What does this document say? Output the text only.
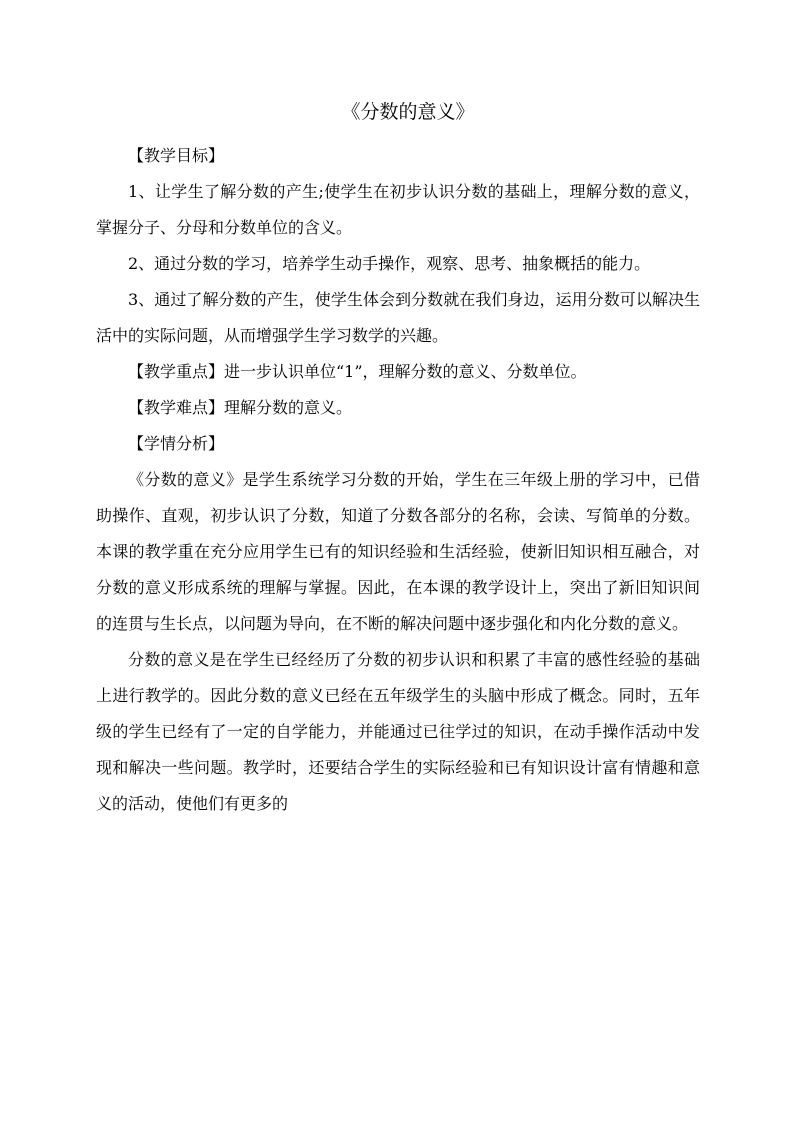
《分数的意义》

【教学目标】

1、让学生了解分数的产生;使学生在初步认识分数的基础上，理解分数的意义，掌握分子、分母和分数单位的含义。

2、通过分数的学习，培养学生动手操作，观察、思考、抽象概括的能力。

3、通过了解分数的产生，使学生体会到分数就在我们身边，运用分数可以解决生活中的实际问题，从而增强学生学习数学的兴趣。

【教学重点】进一步认识单位“1”，理解分数的意义、分数单位。

【教学难点】理解分数的意义。

【学情分析】

《分数的意义》是学生系统学习分数的开始，学生在三年级上册的学习中，已借助操作、直观，初步认识了分数，知道了分数各部分的名称，会读、写简单的分数。本课的教学重在充分应用学生已有的知识经验和生活经验，使新旧知识相互融合，对分数的意义形成系统的理解与掌握。因此，在本课的教学设计上，突出了新旧知识间的连贯与生长点，以问题为导向，在不断的解决问题中逐步强化和内化分数的意义。

分数的意义是在学生已经经历了分数的初步认识和积累了丰富的感性经验的基础上进行教学的。因此分数的意义已经在五年级学生的头脑中形成了概念。同时，五年级的学生已经有了一定的自学能力，并能通过已往学过的知识，在动手操作活动中发现和解决一些问题。教学时，还要结合学生的实际经验和已有知识设计富有情趣和意义的活动，使他们有更多的
